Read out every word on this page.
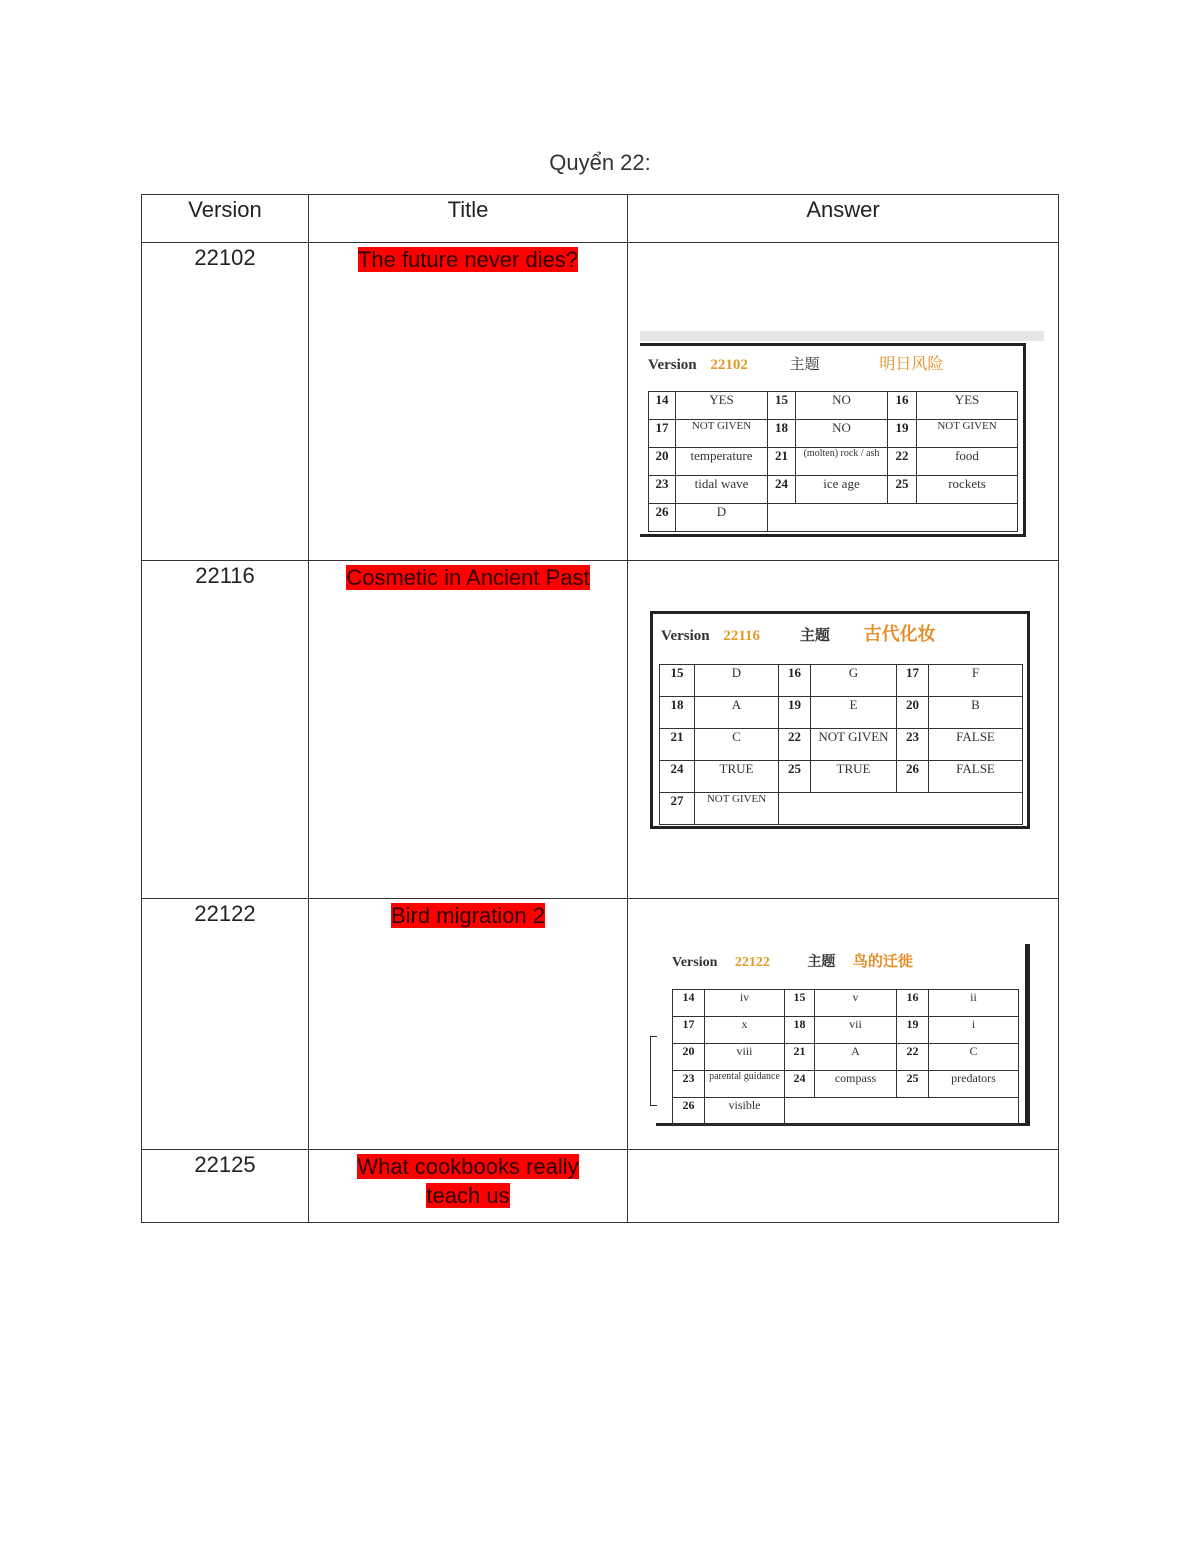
Quyển 22:
Version	Title	Answer
22102	The future never dies?	
Version 22102	主题	明日风险
14	YES	15	NO	16	YES
17	NOT GIVEN	18	NO	19	NOT GIVEN
20	temperature	21	(molten) rock / ash	22	food
23	tidal wave	24	ice age	25	rockets
26	D	

22116	Cosmetic in Ancient Past	
Version 22116	主题 古代化妆
15	D	16	G	17	F
18	A	19	E	20	B
21	C	22	NOT GIVEN	23	FALSE
24	TRUE	25	TRUE	26	FALSE
27	NOT GIVEN	

22122	Bird migration 2	
Version 22122	主题 鸟的迁徙
14	iv	15	v	16	ii
17	x	18	vii	19	i
20	viii	21	A	22	C
23	parental guidance	24	compass	25	predators
26	visible	

22125	What cookbooks really
teach us	
